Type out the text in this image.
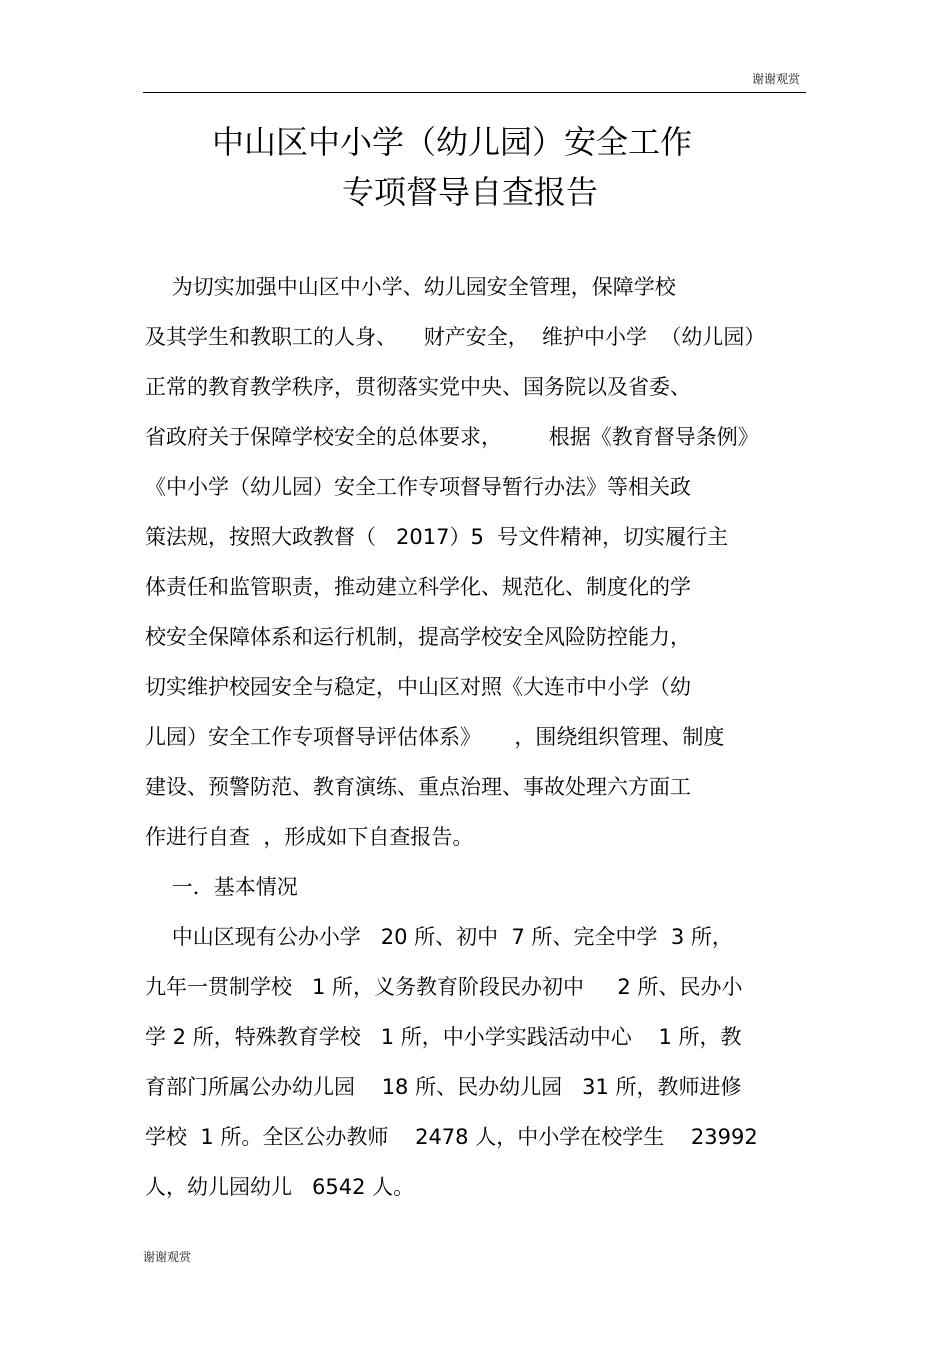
谢谢观赏
中山区中小学（幼儿园）安全工作
专项督导自查报告
为切实加强中山区中小学、幼儿园安全管理，保障学校
及其学生和教职工的人身、    财产安全，  维护中小学  （幼儿园）
正常的教育教学秩序，贯彻落实党中央、国务院以及省委、
省政府关于保障学校安全的总体要求，       根据《教育督导条例》
《中小学（幼儿园）安全工作专项督导暂行办法》等相关政
策法规，按照大政教督（   2017）5  号文件精神，切实履行主
体责任和监管职责，推动建立科学化、规范化、制度化的学
校安全保障体系和运行机制，提高学校安全风险防控能力，
切实维护校园安全与稳定，中山区对照《大连市中小学（幼
儿园）安全工作专项督导评估体系》     ，围绕组织管理、制度
建设、预警防范、教育演练、重点治理、事故处理六方面工
作进行自查  ，形成如下自查报告。
一．基本情况
中山区现有公办小学   20 所、初中  7 所、完全中学  3 所，
九年一贯制学校   1 所，义务教育阶段民办初中     2 所、民办小
学 2 所，特殊教育学校   1 所，中小学实践活动中心    1 所，教
育部门所属公办幼儿园    18 所、民办幼儿园   31 所，教师进修
学校  1 所。全区公办教师    2478 人，中小学在校学生    23992
人，幼儿园幼儿   6542 人。
谢谢观赏
